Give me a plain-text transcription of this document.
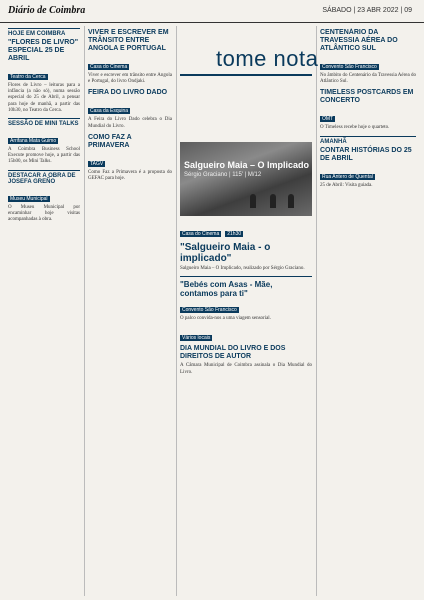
Diário de Coimbra	SÁBADO | 23 ABR 2022 | 09
HOJE EM COIMBRA
"FLORES DE LIVRO" ESPECIAL 25 DE ABRIL
Teatro da Cerca
Flores de Livro – leituras para a infância (a não só), numa sessão especial do 25 de Abril, a pensar para hoje de manhã, a partir das 10h30, no Teatro da Cerca.
SESSÃO DE MINI TALKS
Arrifana Mata Guimo
A Coimbra Business School Execute promove hoje, a partir das 15h00, os Mini Talks.
DESTACAR A OBRA DE JOSEFA GREÑO
Museu Municipal
O Museu Municipal por encaminhar hoje visitas acompanhadas à obra.
VIVER E ESCREVER EM TRÂNSITO ENTRE ANGOLA E PORTUGAL
Casa do Cinema
Viver e escrever em trânsito entre Angola e Portugal, do livro Ondjaki.
FEIRA DO LIVRO DADO
Casa da Esquina
A Feira do Livro Dado celebra o Dia Mundial do Livro.
COMO FAZ A PRIMAVERA
TAGV
Como Faz a Primavera é a proposta do GEFAC para hoje.
tome nota
Salgueiro Maia – O Implicado
Sérgio Graciano | 115' | M/12
Casa do Cinema 21h30
"Salgueiro Maia - o implicado"
Salgueiro Maia – O Implicado, realizado por Sérgio Graciano.
"Bebés com Asas - Mãe, contamos para ti"
Convento São Francisco
O palco convida-nos a uma viagem sensorial.
Vários locais
DIA MUNDIAL DO LIVRO E DOS DIREITOS DE AUTOR
A Câmara Municipal de Coimbra assinala o Dia Mundial do Livro.
CENTENÁRIO DA TRAVESSIA AÉREA DO ATLÂNTICO SUL
Convento São Francisco
No âmbito do Centenário da Travessia Aérea do Atlântico Sul.
TIMELESS POSTCARDS EM CONCERTO
OMT
O Timeless recebe hoje o quarteto.
AMANHÃ
CONTAR HISTÓRIAS DO 25 DE ABRIL
Rua Antero de Quental
25 de Abril: Visita guiada.
